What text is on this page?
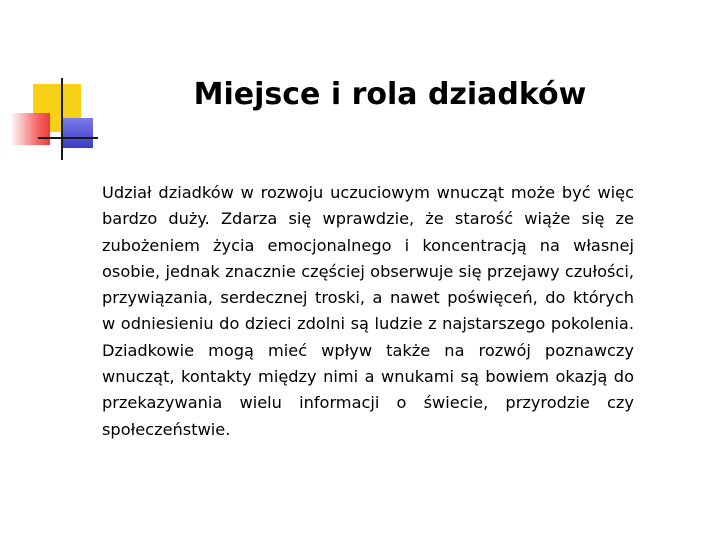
Miejsce i rola dziadków
Udział dziadków w rozwoju uczuciowym wnucząt może być więc bardzo duży. Zdarza się wprawdzie, że starość wiąże się ze zubożeniem życia emocjonalnego i koncentracją na własnej osobie, jednak znacznie częściej obserwuje się przejawy czułości, przywiązania, serdecznej troski, a nawet poświęceń, do których w odniesieniu do dzieci zdolni są ludzie z najstarszego pokolenia. Dziadkowie mogą mieć wpływ także na rozwój poznawczy wnucząt, kontakty między nimi a wnukami są bowiem okazją do przekazywania wielu informacji o świecie, przyrodzie czy społeczeństwie.
